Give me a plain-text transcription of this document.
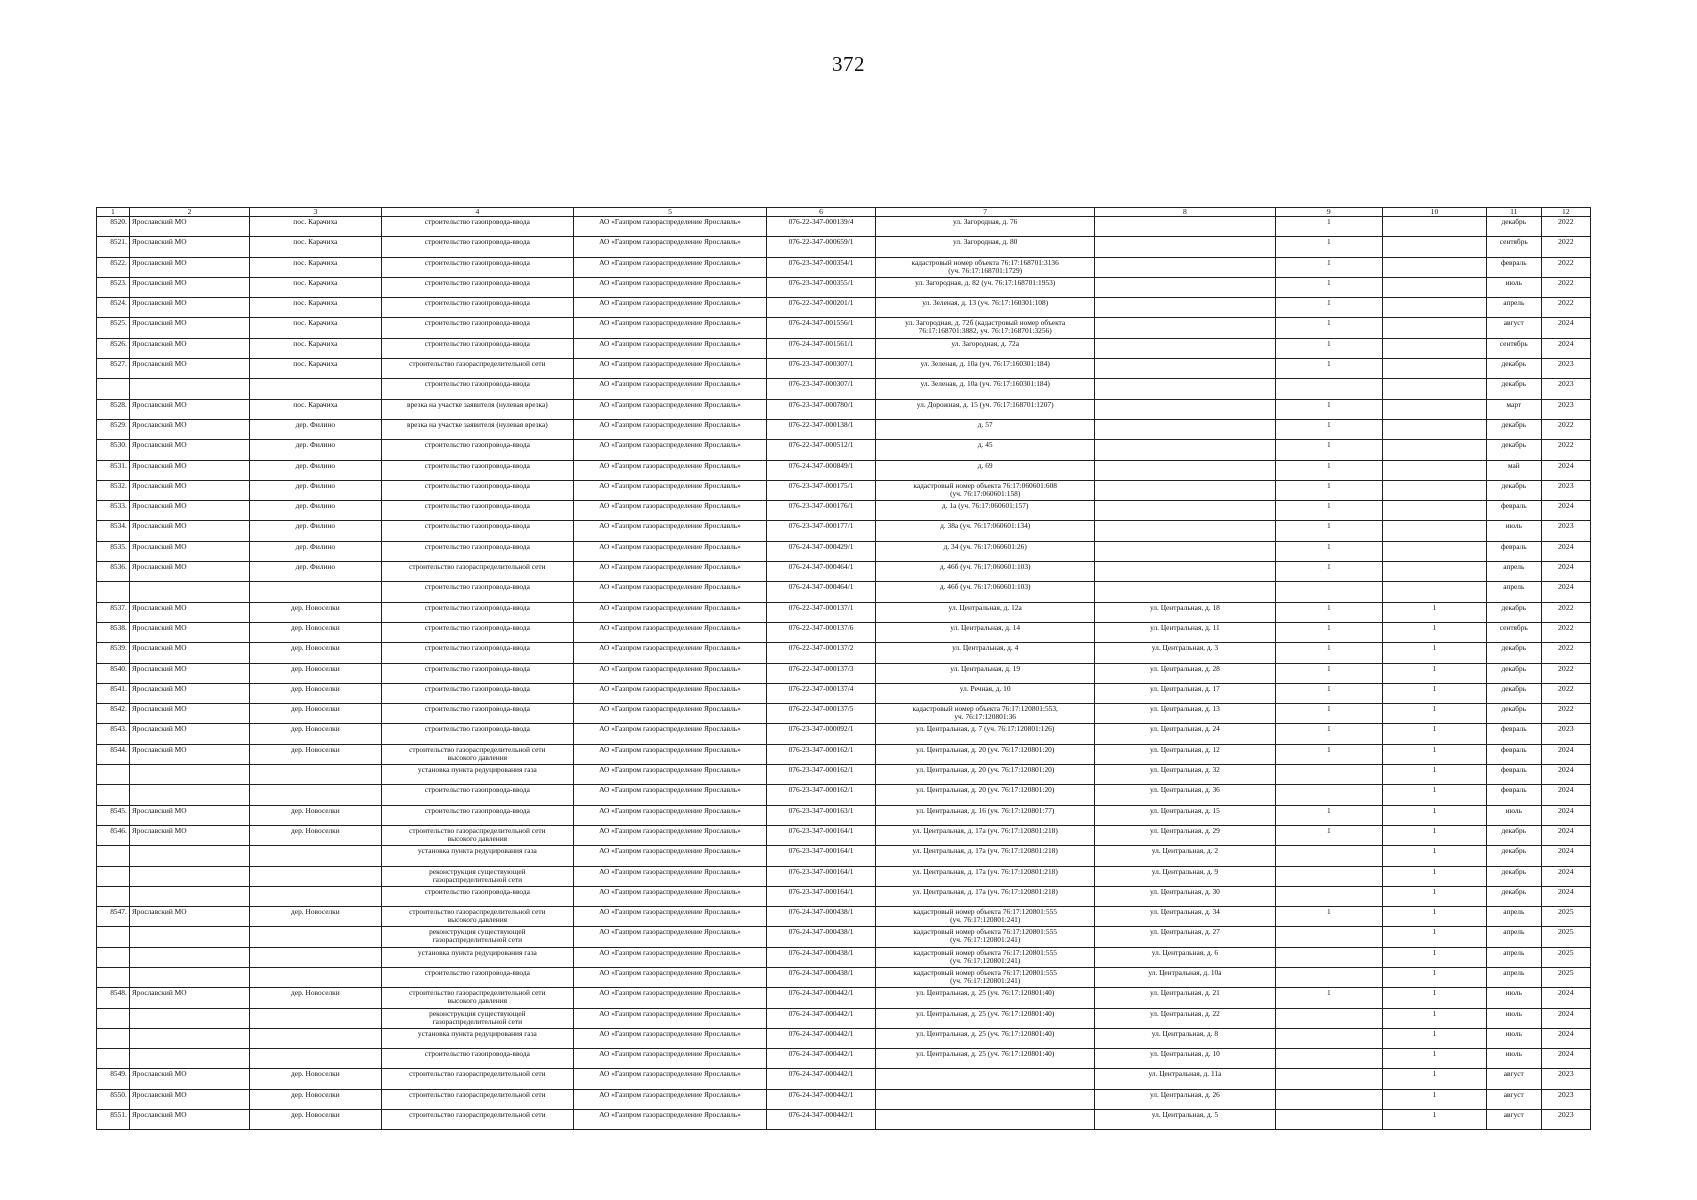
372
1	2	3	4	5	6	7	8	9	10	11	12

8520.	Ярославский МО	пос. Карачиха	строительство газопровода-ввода	АО «Газпром газораспределение Ярославль»	076-22-347-000139/4	ул. Загородная, д. 76		1		декабрь	2022

8521.	Ярославский МО	пос. Карачиха	строительство газопровода-ввода	АО «Газпром газораспределение Ярославль»	076-22-347-000659/1	ул. Загородная, д. 80		1		сентябрь	2022

8522.	Ярославский МО	пос. Карачиха	строительство газопровода-ввода	АО «Газпром газораспределение Ярославль»	076-23-347-000354/1	кадастровый номер объекта 76:17:168701:3136
(уч. 76:17:168701:1729)		1		февраль	2022

8523.	Ярославский МО	пос. Карачиха	строительство газопровода-ввода	АО «Газпром газораспределение Ярославль»	076-23-347-000355/1	ул. Загородная, д. 82 (уч. 76:17:168701:1953)		1		июль	2022

8524.	Ярославский МО	пос. Карачиха	строительство газопровода-ввода	АО «Газпром газораспределение Ярославль»	076-22-347-000201/1	ул. Зеленая, д. 13 (уч. 76:17:160301:108)		1		апрель	2022

8525.	Ярославский МО	пос. Карачиха	строительство газопровода-ввода	АО «Газпром газораспределение Ярославль»	076-24-347-001556/1	ул. Загородная, д. 72б (кадастровый номер объекта
76:17:168701:3882, уч. 76:17:168701:3256)		1		август	2024

8526.	Ярославский МО	пос. Карачиха	строительство газопровода-ввода	АО «Газпром газораспределение Ярославль»	076-24-347-001561/1	ул. Загородная, д. 72а		1		сентябрь	2024

8527.	Ярославский МО	пос. Карачиха	строительство газораспределительной сети	АО «Газпром газораспределение Ярославль»	076-23-347-000307/1	ул. Зеленая, д. 10а (уч. 76:17:160301:184)		1		декабрь	2023

			строительство газопровода-ввода	АО «Газпром газораспределение Ярославль»	076-23-347-000307/1	ул. Зеленая, д. 10а (уч. 76:17:160301:184)				декабрь	2023

8528.	Ярославский МО	пос. Карачиха	врезка на участке заявителя (нулевая врезка)	АО «Газпром газораспределение Ярославль»	076-23-347-000780/1	ул. Дорожная, д. 15 (уч. 76:17:168701:1207)		1		март	2023

8529.	Ярославский МО	дер. Филино	врезка на участке заявителя (нулевая врезка)	АО «Газпром газораспределение Ярославль»	076-22-347-000138/1	д. 57		1		декабрь	2022

8530.	Ярославский МО	дер. Филино	строительство газопровода-ввода	АО «Газпром газораспределение Ярославль»	076-22-347-000512/1	д. 45		1		декабрь	2022

8531.	Ярославский МО	дер. Филино	строительство газопровода-ввода	АО «Газпром газораспределение Ярославль»	076-24-347-000849/1	д. 69		1		май	2024

8532.	Ярославский МО	дер. Филино	строительство газопровода-ввода	АО «Газпром газораспределение Ярославль»	076-23-347-000175/1	кадастровый номер объекта 76:17:060601:608
(уч. 76:17:060601:158)		1		декабрь	2023

8533.	Ярославский МО	дер. Филино	строительство газопровода-ввода	АО «Газпром газораспределение Ярославль»	076-23-347-000176/1	д. 1а (уч. 76:17:060601:157)		1		февраль	2024

8534.	Ярославский МО	дер. Филино	строительство газопровода-ввода	АО «Газпром газораспределение Ярославль»	076-23-347-000177/1	д. 38а (уч. 76:17:060601:134)		1		июль	2023

8535.	Ярославский МО	дер. Филино	строительство газопровода-ввода	АО «Газпром газораспределение Ярославль»	076-24-347-000429/1	д. 34 (уч. 76:17:060601:26)		1		февраль	2024

8536.	Ярославский МО	дер. Филино	строительство газораспределительной сети	АО «Газпром газораспределение Ярославль»	076-24-347-000464/1	д. 46б (уч. 76:17:060601:103)		1		апрель	2024

			строительство газопровода-ввода	АО «Газпром газораспределение Ярославль»	076-24-347-000464/1	д. 46б (уч. 76:17:060601:103)				апрель	2024

8537.	Ярославский МО	дер. Новоселки	строительство газопровода-ввода	АО «Газпром газораспределение Ярославль»	076-22-347-000137/1	ул. Центральная, д. 12а	ул. Центральная, д. 18	1	1	декабрь	2022

8538.	Ярославский МО	дер. Новоселки	строительство газопровода-ввода	АО «Газпром газораспределение Ярославль»	076-22-347-000137/6	ул. Центральная, д. 14	ул. Центральная, д. 11	1	1	сентябрь	2022

8539.	Ярославский МО	дер. Новоселки	строительство газопровода-ввода	АО «Газпром газораспределение Ярославль»	076-22-347-000137/2	ул. Центральная, д. 4	ул. Центральная, д. 3	1	1	декабрь	2022

8540.	Ярославский МО	дер. Новоселки	строительство газопровода-ввода	АО «Газпром газораспределение Ярославль»	076-22-347-000137/3	ул. Центральная, д. 19	ул. Центральная, д. 28	1	1	декабрь	2022

8541.	Ярославский МО	дер. Новоселки	строительство газопровода-ввода	АО «Газпром газораспределение Ярославль»	076-22-347-000137/4	ул. Речная, д. 10	ул. Центральная, д. 17	1	1	декабрь	2022

8542.	Ярославский МО	дер. Новоселки	строительство газопровода-ввода	АО «Газпром газораспределение Ярославль»	076-22-347-000137/5	кадастровый номер объекта 76:17:120801:553,
уч. 76:17:120801:36	ул. Центральная, д. 13	1	1	декабрь	2022

8543.	Ярославский МО	дер. Новоселки	строительство газопровода-ввода	АО «Газпром газораспределение Ярославль»	076-23-347-000092/1	ул. Центральная, д. 7 (уч. 76:17:120801:126)	ул. Центральная, д. 24	1	1	февраль	2023

8544.	Ярославский МО	дер. Новоселки	строительство газораспределительной сети
высокого давления	АО «Газпром газораспределение Ярославль»	076-23-347-000162/1	ул. Центральная, д. 20 (уч. 76:17:120801:20)	ул. Центральная, д. 12	1	1	февраль	2024

			установка пункта редуцирования газа	АО «Газпром газораспределение Ярославль»	076-23-347-000162/1	ул. Центральная, д. 20 (уч. 76:17:120801:20)	ул. Центральная, д. 32		1	февраль	2024

			строительство газопровода-ввода	АО «Газпром газораспределение Ярославль»	076-23-347-000162/1	ул. Центральная, д. 20 (уч. 76:17:120801:20)	ул. Центральная, д. 36		1	февраль	2024

8545.	Ярославский МО	дер. Новоселки	строительство газопровода-ввода	АО «Газпром газораспределение Ярославль»	076-23-347-000163/1	ул. Центральная, д. 16 (уч. 76:17:120801:77)	ул. Центральная, д. 15	1	1	июль	2024

8546.	Ярославский МО	дер. Новоселки	строительство газораспределительной сети
высокого давления	АО «Газпром газораспределение Ярославль»	076-23-347-000164/1	ул. Центральная, д. 17а (уч. 76:17:120801:218)	ул. Центральная, д. 29	1	1	декабрь	2024

			установка пункта редуцирования газа	АО «Газпром газораспределение Ярославль»	076-23-347-000164/1	ул. Центральная, д. 17а (уч. 76:17:120801:218)	ул. Центральная, д. 2		1	декабрь	2024

			реконструкция существующей
газораспределительной сети	АО «Газпром газораспределение Ярославль»	076-23-347-000164/1	ул. Центральная, д. 17а (уч. 76:17:120801:218)	ул. Центральная, д. 9		1	декабрь	2024

			строительство газопровода-ввода	АО «Газпром газораспределение Ярославль»	076-23-347-000164/1	ул. Центральная, д. 17а (уч. 76:17:120801:218)	ул. Центральная, д. 30		1	декабрь	2024

8547.	Ярославский МО	дер. Новоселки	строительство газораспределительной сети
высокого давления	АО «Газпром газораспределение Ярославль»	076-24-347-000438/1	кадастровый номер объекта 76:17:120801:555
(уч. 76:17:120801:241)	ул. Центральная, д. 34	1	1	апрель	2025

			реконструкция существующей
газораспределительной сети	АО «Газпром газораспределение Ярославль»	076-24-347-000438/1	кадастровый номер объекта 76:17:120801:555
(уч. 76:17:120801:241)	ул. Центральная, д. 27		1	апрель	2025

			установка пункта редуцирования газа	АО «Газпром газораспределение Ярославль»	076-24-347-000438/1	кадастровый номер объекта 76:17:120801:555
(уч. 76:17:120801:241)	ул. Центральная, д. 6		1	апрель	2025

			строительство газопровода-ввода	АО «Газпром газораспределение Ярославль»	076-24-347-000438/1	кадастровый номер объекта 76:17:120801:555
(уч. 76:17:120801:241)	ул. Центральная, д. 10а		1	апрель	2025

8548.	Ярославский МО	дер. Новоселки	строительство газораспределительной сети
высокого давления	АО «Газпром газораспределение Ярославль»	076-24-347-000442/1	ул. Центральная, д. 25 (уч. 76:17:120801:40)	ул. Центральная, д. 21	1	1	июль	2024

			реконструкция существующей
газораспределительной сети	АО «Газпром газораспределение Ярославль»	076-24-347-000442/1	ул. Центральная, д. 25 (уч. 76:17:120801:40)	ул. Центральная, д. 22		1	июль	2024

			установка пункта редуцирования газа	АО «Газпром газораспределение Ярославль»	076-24-347-000442/1	ул. Центральная, д. 25 (уч. 76:17:120801:40)	ул. Центральная, д. 8		1	июль	2024

			строительство газопровода-ввода	АО «Газпром газораспределение Ярославль»	076-24-347-000442/1	ул. Центральная, д. 25 (уч. 76:17:120801:40)	ул. Центральная, д. 10		1	июль	2024

8549.	Ярославский МО	дер. Новоселки	строительство газораспределительной сети	АО «Газпром газораспределение Ярославль»	076-24-347-000442/1		ул. Центральная, д. 11а		1	август	2023

8550.	Ярославский МО	дер. Новоселки	строительство газораспределительной сети	АО «Газпром газораспределение Ярославль»	076-24-347-000442/1		ул. Центральная, д. 26		1	август	2023

8551.	Ярославский МО	дер. Новоселки	строительство газораспределительной сети	АО «Газпром газораспределение Ярославль»	076-24-347-000442/1		ул. Центральная, д. 5		1	август	2023
